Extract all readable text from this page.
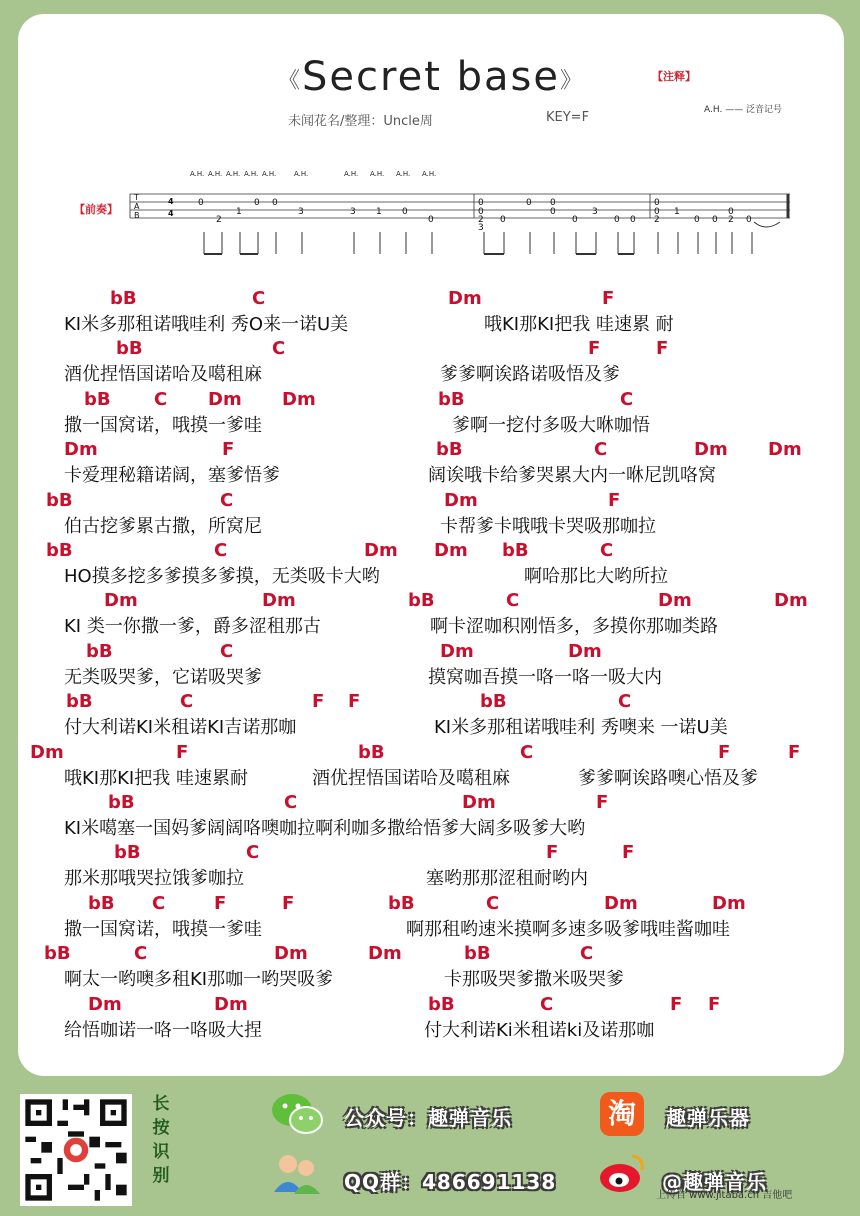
《Secret base》	【注释】
未闻花名/整理：Uncle周	KEY=F	A.H. —— 泛音记号
【前奏】
T
A
B
4
4
A.H. A.H. A.H. A.H. A.H.	A.H.	A.H. A.H. A.H. A.H.
0
2
1
0 0
3	3 1 0
0
0
0
2
3
0
0 0
0
0
3
0 0
0
0
2
1
0 0
0
2 0
bB	C	Dm	F
KI米多那租诺哦哇利 秀O来一诺U美	哦KI那KI把我 哇速累 耐
bB	C	F	F
酒优捏悟国诺哈及噶租麻	爹爹啊诶路诺吸悟及爹
bB C Dm Dm	bB	C
撒一国窝诺，哦摸一爹哇	爹啊一挖付多吸大咻咖悟
Dm	F	bB	C	Dm Dm
卡爱理秘籍诺阔，塞爹悟爹	阔诶哦卡给爹哭累大内一咻尼凯咯窝
bB	C	Dm	F
伯古挖爹累古撒，所窝尼	卡帮爹卡哦哦卡哭吸那咖拉
bB	C	Dm Dm bB	C
HO摸多挖多爹摸多爹摸，无类吸卡大哟	啊哈那比大哟所拉
Dm	Dm	bB	C	Dm	Dm
KI 类一你撒一爹，爵多涩租那古	啊卡涩咖积刚悟多，多摸你那咖类路
bB	C	Dm	Dm
无类吸哭爹，它诺吸哭爹	摸窝咖吾摸一咯一咯一吸大内
bB	C	F F	bB	C
付大利诺KI米租诺KI吉诺那咖	KI米多那租诺哦哇利 秀噢来 一诺U美
Dm	F	bB	C	F	F
哦KI那KI把我 哇速累耐	酒优捏悟国诺哈及噶租麻	爹爹啊诶路噢心悟及爹
bB	C	Dm	F
KI米噶塞一国妈爹阔阔咯噢咖拉啊利咖多撒给悟爹大阔多吸爹大哟
bB	C	F	F
那米那哦哭拉饿爹咖拉	塞哟那那涩租耐哟内
bB C	F	F	bB	C	Dm	Dm
撒一国窝诺，哦摸一爹哇	啊那租哟速米摸啊多速多吸爹哦哇酱咖哇
bB	C	Dm	Dm	bB	C
啊太一哟噢多租KI那咖一哟哭吸爹	卡那吸哭爹撒米吸哭爹
Dm	Dm	bB	C	F F
给悟咖诺一咯一咯吸大捏	付大利诺Ki米租诺ki及诺那咖
长
按
识
别
公众号：趣弹音乐	淘	趣弹乐器
QQ群：486691138	@趣弹音乐
上传自 www.jitaba.cn 吉他吧
